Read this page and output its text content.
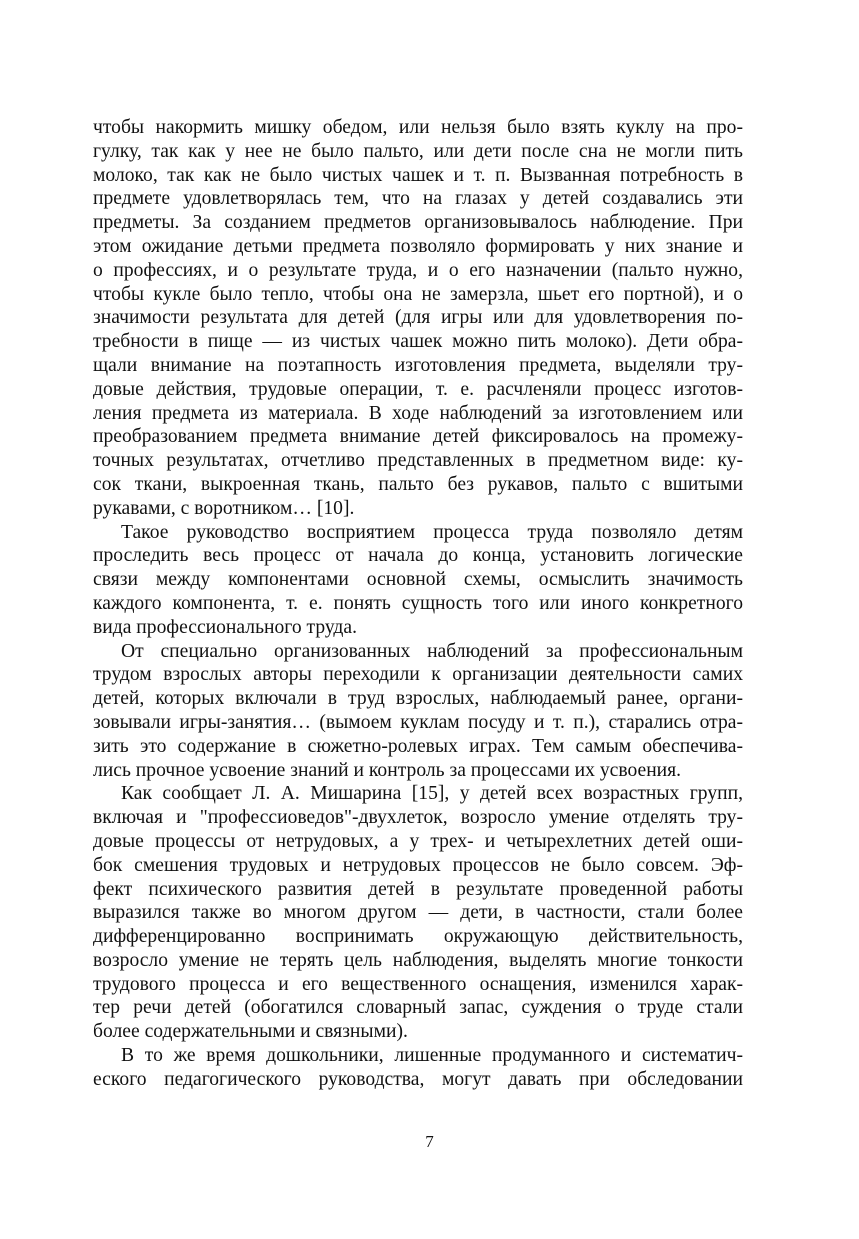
чтобы накормить мишку обедом, или нельзя было взять куклу на про-
гулку, так как у нее не было пальто, или дети после сна не могли пить
молоко, так как не было чистых чашек и т. п. Вызванная потребность в
предмете удовлетворялась тем, что на глазах у детей создавались эти
предметы. За созданием предметов организовывалось наблюдение. При
этом ожидание детьми предмета позволяло формировать у них знание и
о профессиях, и о результате труда, и о его назначении (пальто нужно,
чтобы кукле было тепло, чтобы она не замерзла, шьет его портной), и о
значимости результата для детей (для игры или для удовлетворения по-
требности в пище — из чистых чашек можно пить молоко). Дети обра-
щали внимание на поэтапность изготовления предмета, выделяли тру-
довые действия, трудовые операции, т. е. расчленяли процесс изготов-
ления предмета из материала. В ходе наблюдений за изготовлением или
преобразованием предмета внимание детей фиксировалось на промежу-
точных результатах, отчетливо представленных в предметном виде: ку-
сок ткани, выкроенная ткань, пальто без рукавов, пальто с вшитыми
рукавами, с воротником… [10].
Такое руководство восприятием процесса труда позволяло детям
проследить весь процесс от начала до конца, установить логические
связи между компонентами основной схемы, осмыслить значимость
каждого компонента, т. е. понять сущность того или иного конкретного
вида профессионального труда.
От специально организованных наблюдений за профессиональным
трудом взрослых авторы переходили к организации деятельности самих
детей, которых включали в труд взрослых, наблюдаемый ранее, органи-
зовывали игры-занятия… (вымоем куклам посуду и т. п.), старались отра-
зить это содержание в сюжетно-ролевых играх. Тем самым обеспечива-
лись прочное усвоение знаний и контроль за процессами их усвоения.
Как сообщает Л. А. Мишарина [15], у детей всех возрастных групп,
включая и "профессиоведов"-двухлеток, возросло умение отделять тру-
довые процессы от нетрудовых, а у трех- и четырехлетних детей оши-
бок смешения трудовых и нетрудовых процессов не было совсем. Эф-
фект психического развития детей в результате проведенной работы
выразился также во многом другом — дети, в частности, стали более
дифференцированно воспринимать окружающую действительность,
возросло умение не терять цель наблюдения, выделять многие тонкости
трудового процесса и его вещественного оснащения, изменился харак-
тер речи детей (обогатился словарный запас, суждения о труде стали
более содержательными и связными).
В то же время дошкольники, лишенные продуманного и систематич-
еского педагогического руководства, могут давать при обследовании
7
